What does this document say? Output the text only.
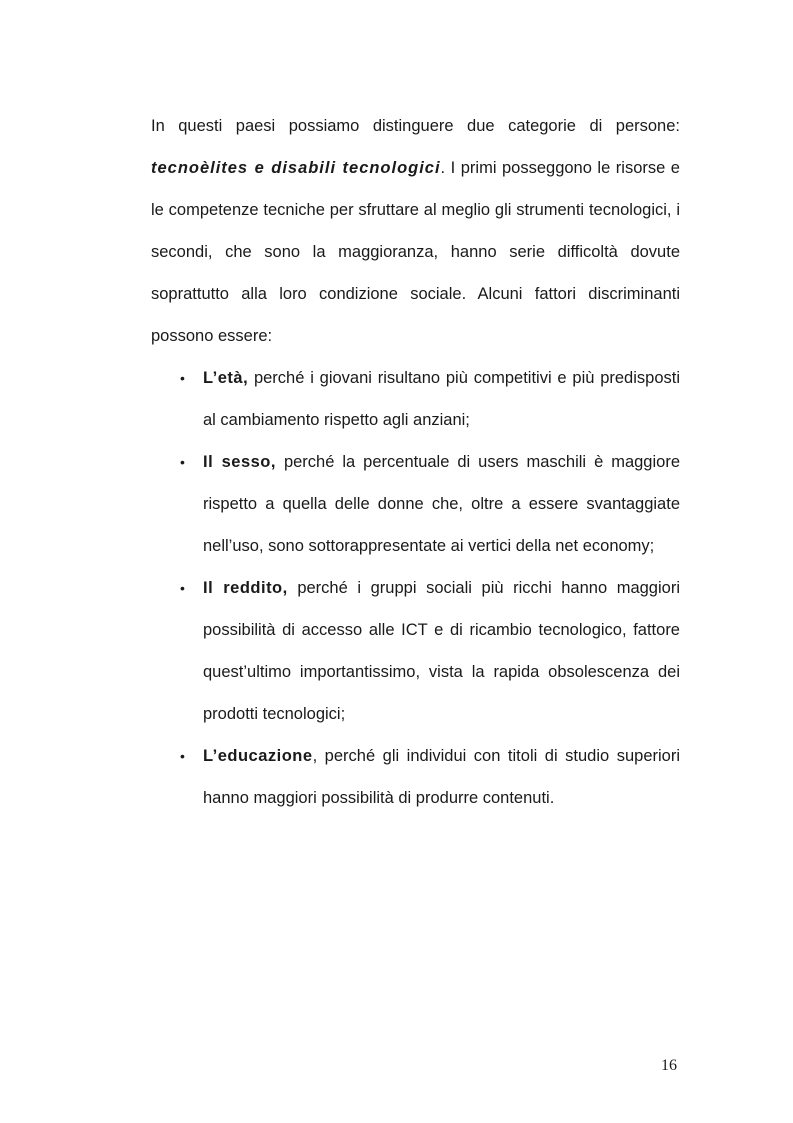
In questi paesi possiamo distinguere due categorie di persone: tecnoèlites e disabili tecnologici. I primi posseggono le risorse e le competenze tecniche per sfruttare al meglio gli strumenti tecnologici, i secondi, che sono la maggioranza, hanno serie difficoltà dovute soprattutto alla loro condizione sociale. Alcuni fattori discriminanti possono essere:

• L’età, perché i giovani risultano più competitivi e più predisposti al cambiamento rispetto agli anziani;
• Il sesso, perché la percentuale di users maschili è maggiore rispetto a quella delle donne che, oltre a essere svantaggiate nell’uso, sono sottorappresentate ai vertici della net economy;
• Il reddito, perché i gruppi sociali più ricchi hanno maggiori possibilità di accesso alle ICT e di ricambio tecnologico, fattore quest’ultimo importantissimo, vista la rapida obsolescenza dei prodotti tecnologici;
• L’educazione, perché gli individui con titoli di studio superiori hanno maggiori possibilità di produrre contenuti.
16
